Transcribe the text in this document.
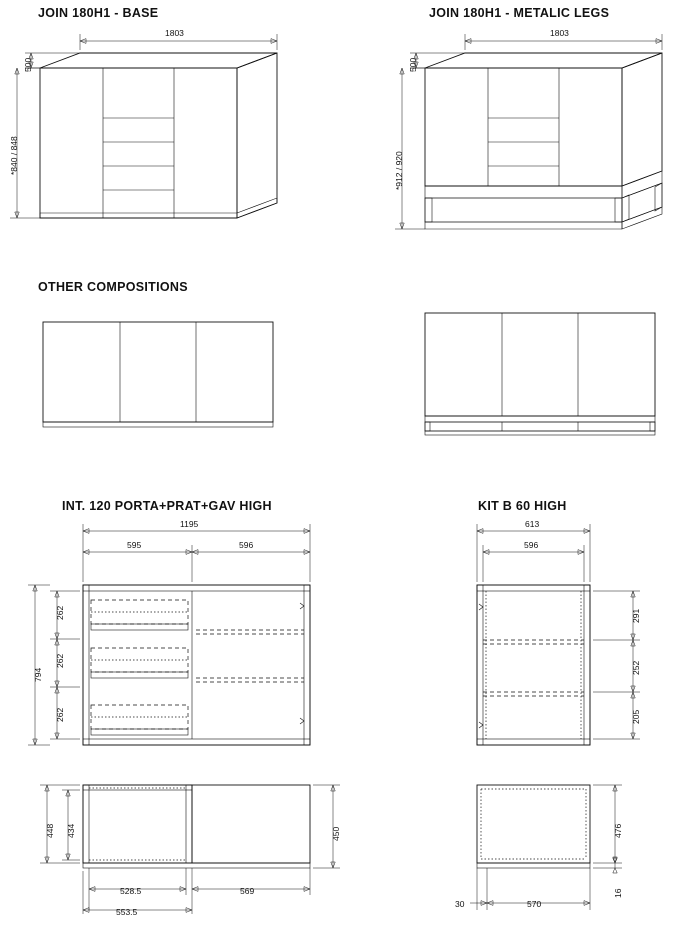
JOIN 180H1 - BASE	JOIN 180H1 - METALIC LEGS
OTHER COMPOSITIONS
INT. 120 PORTA+PRAT+GAV HIGH	KIT B 60 HIGH
1803
500
*840 / 848
1803
500
*912 / 920
1195
595	596
262
262
262
794
448 434	450
528.5
553.5
569
613
596
291
252
205
476
16
30	570
